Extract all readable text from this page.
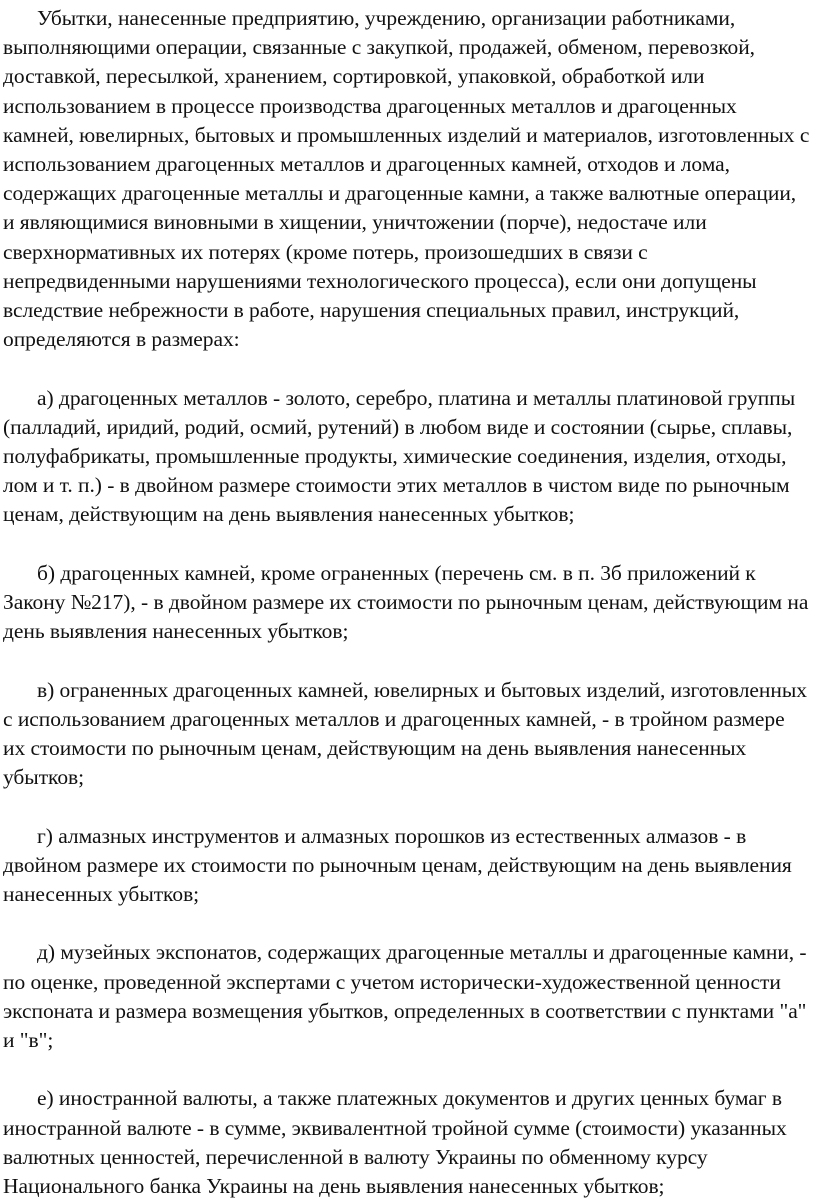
Убытки, нанесенные предприятию, учреждению, организации работниками, выполняющими операции, связанные с закупкой, продажей, обменом, перевозкой, доставкой, пересылкой, хранением, сортировкой, упаковкой, обработкой или использованием в процессе производства драгоценных металлов и драгоценных камней, ювелирных, бытовых и промышленных изделий и материалов, изготовленных с использованием драгоценных металлов и драгоценных камней, отходов и лома, содержащих драгоценные металлы и драгоценные камни, а также валютные операции, и являющимися виновными в хищении, уничтожении (порче), недостаче или сверхнормативных их потерях (кроме потерь, произошедших в связи с непредвиденными нарушениями технологического процесса), если они допущены вследствие небрежности в работе, нарушения специальных правил, инструкций, определяются в размерах:

а) драгоценных металлов - золото, серебро, платина и металлы платиновой группы (палладий, иридий, родий, осмий, рутений) в любом виде и состоянии (сырье, сплавы, полуфабрикаты, промышленные продукты, химические соединения, изделия, отходы, лом и т. п.) - в двойном размере стоимости этих металлов в чистом виде по рыночным ценам, действующим на день выявления нанесенных убытков;

б) драгоценных камней, кроме ограненных (перечень см. в п. 3б приложений к Закону №217), - в двойном размере их стоимости по рыночным ценам, действующим на день выявления нанесенных убытков;

в) ограненных драгоценных камней, ювелирных и бытовых изделий, изготовленных с использованием драгоценных металлов и драгоценных камней, - в тройном размере их стоимости по рыночным ценам, действующим на день выявления нанесенных убытков;

г) алмазных инструментов и алмазных порошков из естественных алмазов - в двойном размере их стоимости по рыночным ценам, действующим на день выявления нанесенных убытков;

д) музейных экспонатов, содержащих драгоценные металлы и драгоценные камни, - по оценке, проведенной экспертами с учетом исторически-художественной ценности экспоната и размера возмещения убытков, определенных в соответствии с пунктами "а" и "в";

е) иностранной валюты, а также платежных документов и других ценных бумаг в иностранной валюте - в сумме, эквивалентной тройной сумме (стоимости) указанных валютных ценностей, перечисленной в валюту Украины по обменному курсу Национального банка Украины на день выявления нанесенных убытков;
